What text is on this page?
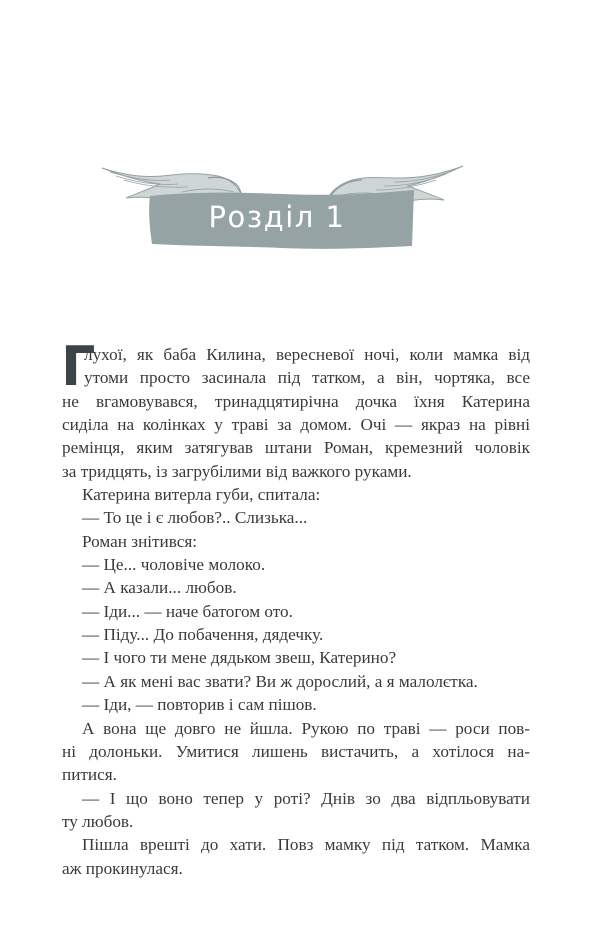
Розділ 1
Г
лухої, як баба Килина, вересневої ночі, коли мамка від
утоми просто засинала під татком, а він, чортяка, все
не вгамовувався, тринадцятирічна дочка їхня Катерина
сиділа на колінках у траві за домом. Очі — якраз на рівні
ремінця, яким затягував штани Роман, кремезний чоловік
за тридцять, із загрубілими від важкого руками.
Катерина витерла губи, спитала:
— То це і є любов?.. Слизька...
Роман знітився:
— Це... чоловіче молоко.
— А казали... любов.
— Іди... — наче батогом ото.
— Піду... До побачення, дядечку.
— І чого ти мене дядьком звеш, Катерино?
— А як мені вас звати? Ви ж дорослий, а я малолєтка.
— Іди, — повторив і сам пішов.
А вона ще довго не йшла. Рукою по траві — роси пов-
ні долоньки. Умитися лишень вистачить, а хотілося на-
питися.
— І що воно тепер у роті? Днів зо два відпльовувати
ту любов.
Пішла врешті до хати. Повз мамку під татком. Мамка
аж прокинулася.
